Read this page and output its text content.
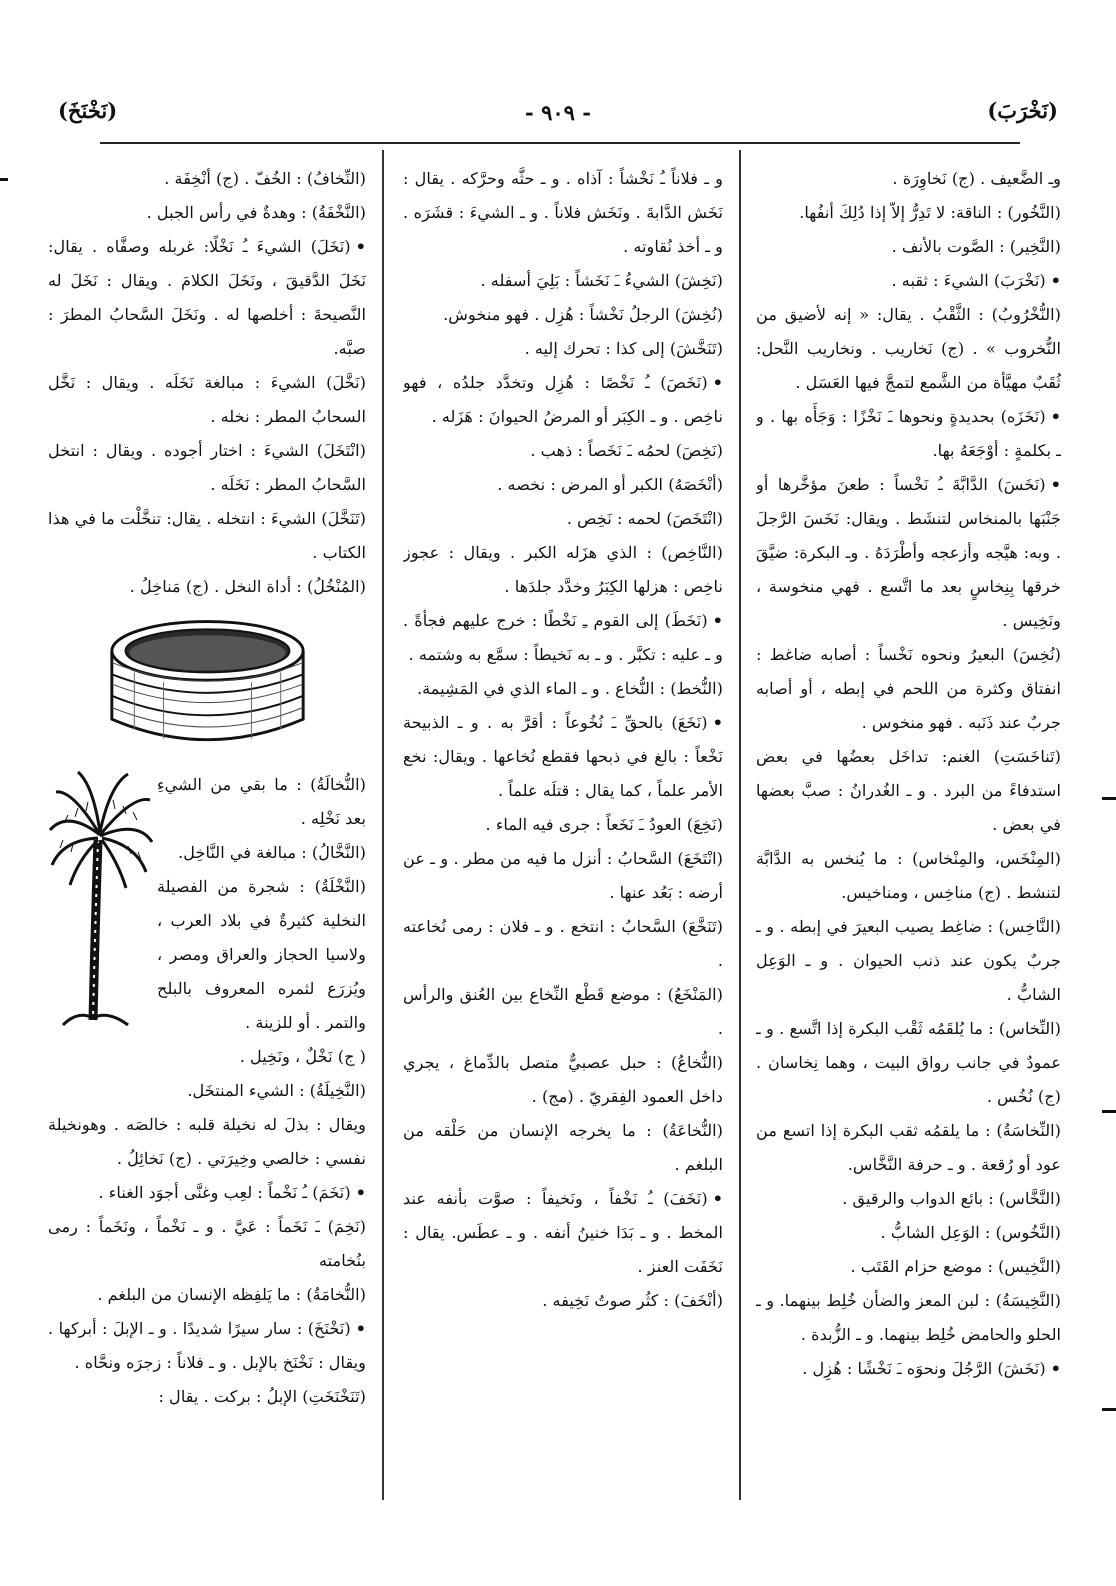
(نَخْرَبَ)
- ٩٠٩ -
(نَخْنَخَ)

وـ الضَّعيف . (ج) نَخاوِرَة .

(النَّخُور) : الناقة: لا تَدِرُّ إلاّ إذا دُلِكَ أنفُها.

(النَّخِير) : الصَّوت بالأنف .

•(نَخْرَبَ) الشيءَ : ثقبه .

(النُّخْرُوبُ) : الثَّقْبُ . يقال: « إنه لأضيق من النُّخروب » . (ج) نَخاريب . ونخاريب النَّحل: ثُقَبٌ مهيَّأة من الشَّمع لتمجَّ فيها العَسَل .

•(نَخَزَه) بحديدةٍ ونحوها ـَ نَخْزًا : وَجَأَه بها . و ـ بكلمةٍ : أوْجَعَهُ بها.

•(نَخَسَ) الدَّابَّةَ ـُ نَخْساً : طعنَ مؤخَّرها أو جَنْبَها بالمنخاس لتنشَط . ويقال: نَخَسَ الرَّجلَ . وبه: هيَّجه وأزعجه وأطْرَدَهُ . وـ البكرة: ضيَّقَ خرقها بِنِخاسٍ بعد ما اتَّسع . فهي منخوسة ، ونَخِيس .

(نُخِسَ) البعيرُ ونحوه نَخْساً : أصابه ضاغط : انفتاق وكثرة من اللحم في إبطه ، أو أصابه جربٌ عند ذَنَبه . فهو منخوس .

(تَناخَسَتِ) الغنم: تداخَل بعضُها في بعض استدفاءً من البرد . و ـ الغُدرانُ : صبَّ بعضها في بعض .

(المِنْخَس، والمِنْخاس) : ما يُنخس به الدَّابَّة لتنشط . (ج) مناخِس ، ومناخيس.

(النَّاخِس) : ضاغِط يصيب البعيرَ في إبطه . و ـ جربٌ يكون عند ذنب الحيوان . و ـ الوَعِل الشابُّ .

(النِّخاس) : ما يُلقَمُه ثَقْب البكرة إذا اتَّسع . و ـ عمودٌ في جانب رواق البيت ، وهما نِخاسان . (ج) نُخُس .

(النِّخاسَةُ) : ما يلقمُه ثقب البكرة إذا اتسع من عود أو رُقعة . و ـ حرفة النَّخَّاس.

(النَّخَّاس) : بائع الدواب والرقيق .

(النَّخُوس) : الوَعِل الشابُّ .

(النَّخِيس) : موضع حزام القَتَب .

(النَّخِيسَةُ) : لبن المعز والضأن خُلِط بينهما. و ـ الحلو والحامض خُلِط بينهما. و ـ الزُّبدة .

•(نَخَشَ) الرَّجُلَ ونحوَه ـَ نَخْشًا : هُزِل .

و ـ فلاناً ـُ نَخْشاً : آذاه . و ـ حثَّه وحرَّكه . يقال : نَخَش الدَّابةَ . ونَخَش فلاناً . و ـ الشيءَ : قشَرَه . و ـ أخذ نُقاوته .

(نَخِشَ) الشيءُ ـَ نَخَشاً : بَلِيَ أسفله .

(نُخِشَ) الرجلُ نَخْشاً : هُزِل . فهو منخوش.

(تَنَخَّشَ) إلى كذا : تحرك إليه .

•(نَخَصَ) ـُ نَخْصًا : هُزِل وتخدَّد جلدُه ، فهو ناخِص . و ـ الكِبَر أو المرضُ الحيوانَ : هَزَله .

(نَخِصَ) لحمُه ـَ نَخَصاً : ذهب .

(أنْخَصَهُ) الكبر أو المرض : نخصه .

(انْتَخَصَ) لحمه : نَخِص .

(النَّاخِص) : الذي هزَله الكبر . ويقال : عجوز ناخِص : هزلها الكِبَرُ وخدَّد جلدَها .

•(نَخَطَ) إلى القوم ـِ نَخْطًا : خرج عليهم فجأةً . و ـ عليه : تكبَّر . و ـ به نَخيطاً : سمَّع به وشتمه .

(النُّخط) : النُّخاع . و ـ الماء الذي في المَشِيمة.

•(نَخَعَ) بالحقِّ ـَ نُخُوعاً : أقرَّ به . و ـ الذبيحة نَخْعاً : بالغ في ذبحها فقطع نُخاعها . ويقال: نخع الأمر علماً ، كما يقال : قتلَه علماً .

(نَخِعَ) العودُ ـَ نَخَعاً : جرى فيه الماء .

(انْتَخَعَ) السَّحابُ : أنزل ما فيه من مطر . و ـ عن أرضه : بَعُد عنها .

(تَنَخَّعَ) السَّحابُ : انتخع . و ـ فلان : رمى نُخاعته .

(المَنْخَعُ) : موضع قَطْع النِّخاع بين العُنق والرأس .

(النُّخاعُ) : حبل عصبيٌّ متصل بالدِّماغ ، يجري داخل العمود الفِقريّ . (مج) .

(النُّخاعَةُ) : ما يخرجه الإنسان من حَلْقه من البلغم .

•(نَخَفَ) ـُ نَخْفاً ، ونَخيفاً : صوَّت بأنفه عند المخط . و ـ بَدَا خنينُ أنفه . و ـ عطَس. يقال : نَخَفَت العنز .

(أنْخَفَ) : كثُر صوتُ نَخِيفه .

(النِّخافُ) : الخُفّ . (ج) أنْخِفَة .

(النَّخْفَةُ) : وهدةٌ في رأس الجبل .

•(نَخَلَ) الشيءَ ـُ نَخْلًا: غربله وصفَّاه . يقال: نَخَلَ الدَّقيقَ ، ونَخَلَ الكلامَ . ويقال : نَخَلَ له النَّصيحةَ : أخلصها له . ونَخَلَ السَّحابُ المطرَ : صبَّه.

(نَخَّلَ) الشيءَ : مبالغة نَخَلَه . ويقال : نَخَّل السحابُ المطر : نخله .

(انْتَخَلَ) الشيءَ : اختار أجوده . ويقال : انتخل السَّحابُ المطر : نَخَلَه .

(تَنَخَّلَ) الشيءَ : انتخله . يقال: تنخَّلْت ما في هذا الكتاب .

(المُنْخُلُ) : أداة النخل . (ج) مَناخِلُ .

(النُّخالَةُ) : ما بقي من الشيءِ بعد نَخْلِه .

(النَّخَّالُ) : مبالغة في النَّاخِل.

(النَّخْلَةُ) : شجرة من الفصيلة النخلية كثيرةٌ في بلاد العرب ، ولاسيا الحجاز والعراق ومصر ، ويُزرَع لثمره المعروف بالبلح والتمر . أو للزينة .

( ج) نَخْلٌ ، ونَخِيل .

(النَّخِيلَةُ) : الشيء المنتخَل.

ويقال : بذلَ له نخيلة قلبه : خالصَه . وهونخيلة نفسي : خالصي وخِيرَتي . (ج) نَخائِلُ .

•(نَخَمَ) ـُ نَخْماً : لعِب وغنَّى أجوَد الغناء .

(نَخِمَ) ـَ نَخَماً : عَيَّ . و ـ نَخْماً ، ونَخَماً : رمى بنُخامته

(النُّخامَةُ) : ما يَلفِظه الإنسان من البلغم .

•(نَخْنَخَ) : سار سيرًا شديدًا . و ـ الإبلَ : أبركها . ويقال : نَخْنَخ بالإبل . و ـ فلاناً : زجرَه ونحَّاه .

(تَنَخْنَخَتِ) الإبلُ : بركت . يقال :
